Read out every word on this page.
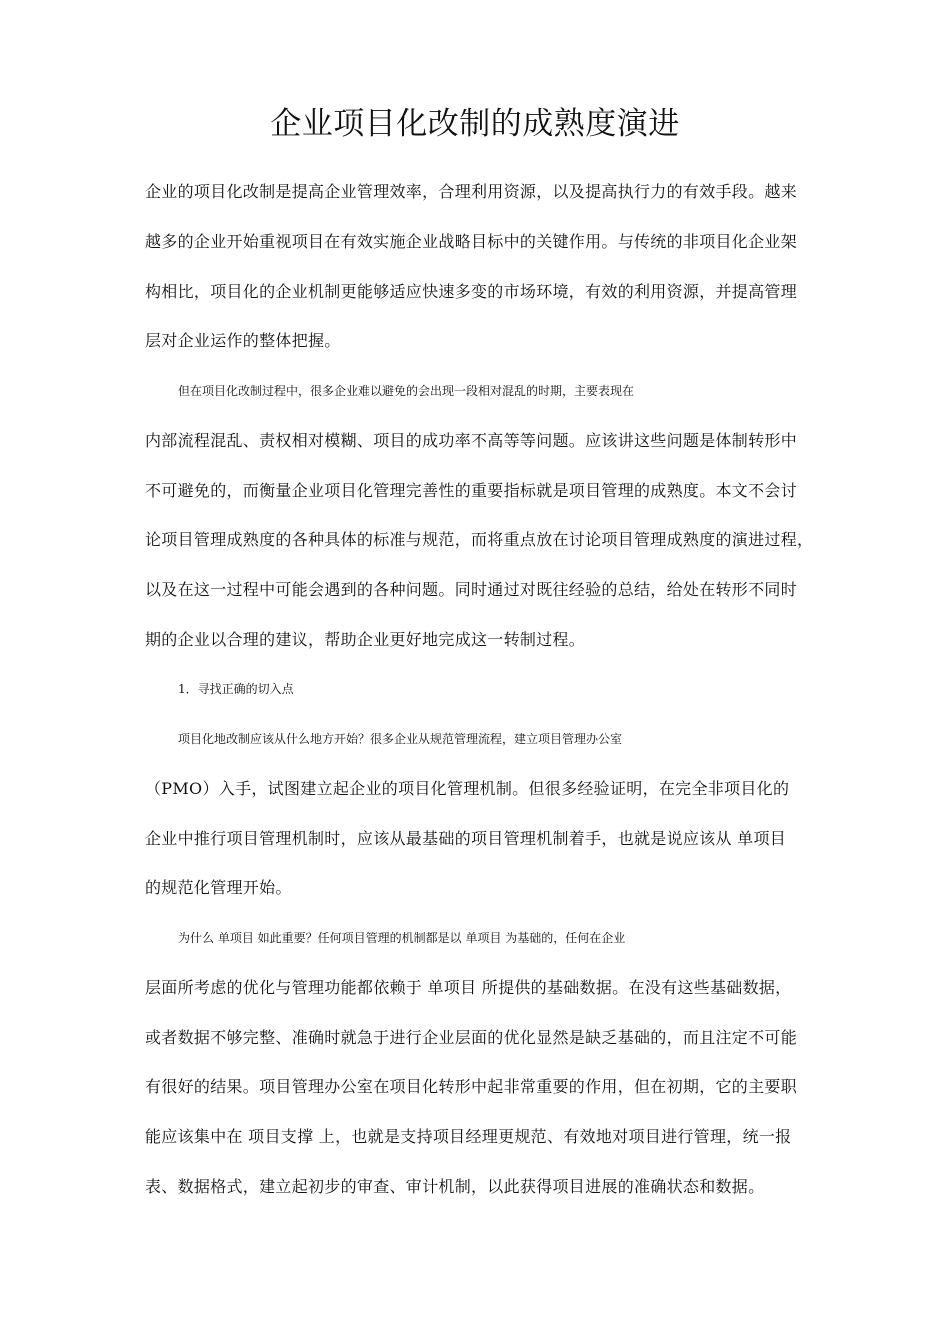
企业项目化改制的成熟度演进

企业的项目化改制是提高企业管理效率，合理利用资源，以及提高执行力的有效手段。越来

越多的企业开始重视项目在有效实施企业战略目标中的关键作用。与传统的非项目化企业架

构相比，项目化的企业机制更能够适应快速多变的市场环境，有效的利用资源，并提高管理

层对企业运作的整体把握。

但在项目化改制过程中，很多企业难以避免的会出现一段相对混乱的时期，主要表现在

内部流程混乱、责权相对模糊、项目的成功率不高等等问题。应该讲这些问题是体制转形中

不可避免的，而衡量企业项目化管理完善性的重要指标就是项目管理的成熟度。本文不会讨

论项目管理成熟度的各种具体的标准与规范，而将重点放在讨论项目管理成熟度的演进过程，

以及在这一过程中可能会遇到的各种问题。同时通过对既往经验的总结，给处在转形不同时

期的企业以合理的建议，帮助企业更好地完成这一转制过程。

1．寻找正确的切入点

项目化地改制应该从什么地方开始？很多企业从规范管理流程，建立项目管理办公室

（PMO）入手，试图建立起企业的项目化管理机制。但很多经验证明，在完全非项目化的

企业中推行项目管理机制时，应该从最基础的项目管理机制着手，也就是说应该从 单项目

的规范化管理开始。

为什么 单项目 如此重要？任何项目管理的机制都是以 单项目 为基础的，任何在企业

层面所考虑的优化与管理功能都依赖于 单项目 所提供的基础数据。在没有这些基础数据，

或者数据不够完整、准确时就急于进行企业层面的优化显然是缺乏基础的，而且注定不可能

有很好的结果。项目管理办公室在项目化转形中起非常重要的作用，但在初期，它的主要职

能应该集中在 项目支撑 上，也就是支持项目经理更规范、有效地对项目进行管理，统一报

表、数据格式，建立起初步的审查、审计机制，以此获得项目进展的准确状态和数据。
